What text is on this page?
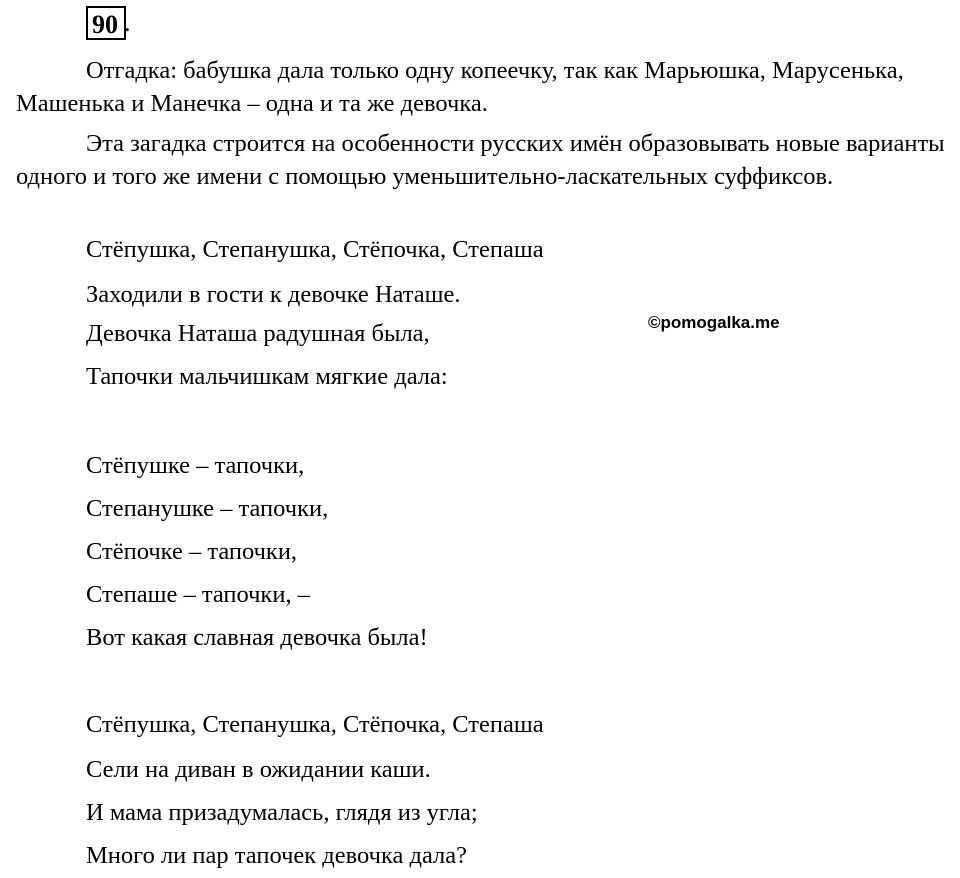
90 .

Отгадка: бабушка дала только одну копеечку, так как Марьюшка, Марусенька, Машенька и Манечка – одна и та же девочка.

Эта загадка строится на особенности русских имён образовывать новые варианты одного и того же имени с помощью уменьшительно-ласкательных суффиксов.

Стёпушка, Степанушка, Стёпочка, Степаша

Заходили в гости к девочке Наташе.

Девочка Наташа радушная была,

Тапочки мальчишкам мягкие дала:

Стёпушке – тапочки,

Степанушке – тапочки,

Стёпочке – тапочки,

Степаше – тапочки, –

Вот какая славная девочка была!

Стёпушка, Степанушка, Стёпочка, Степаша

Сели на диван в ожидании каши.

И мама призадумалась, глядя из угла;

Много ли пар тапочек девочка дала?

©pomogalka.me
